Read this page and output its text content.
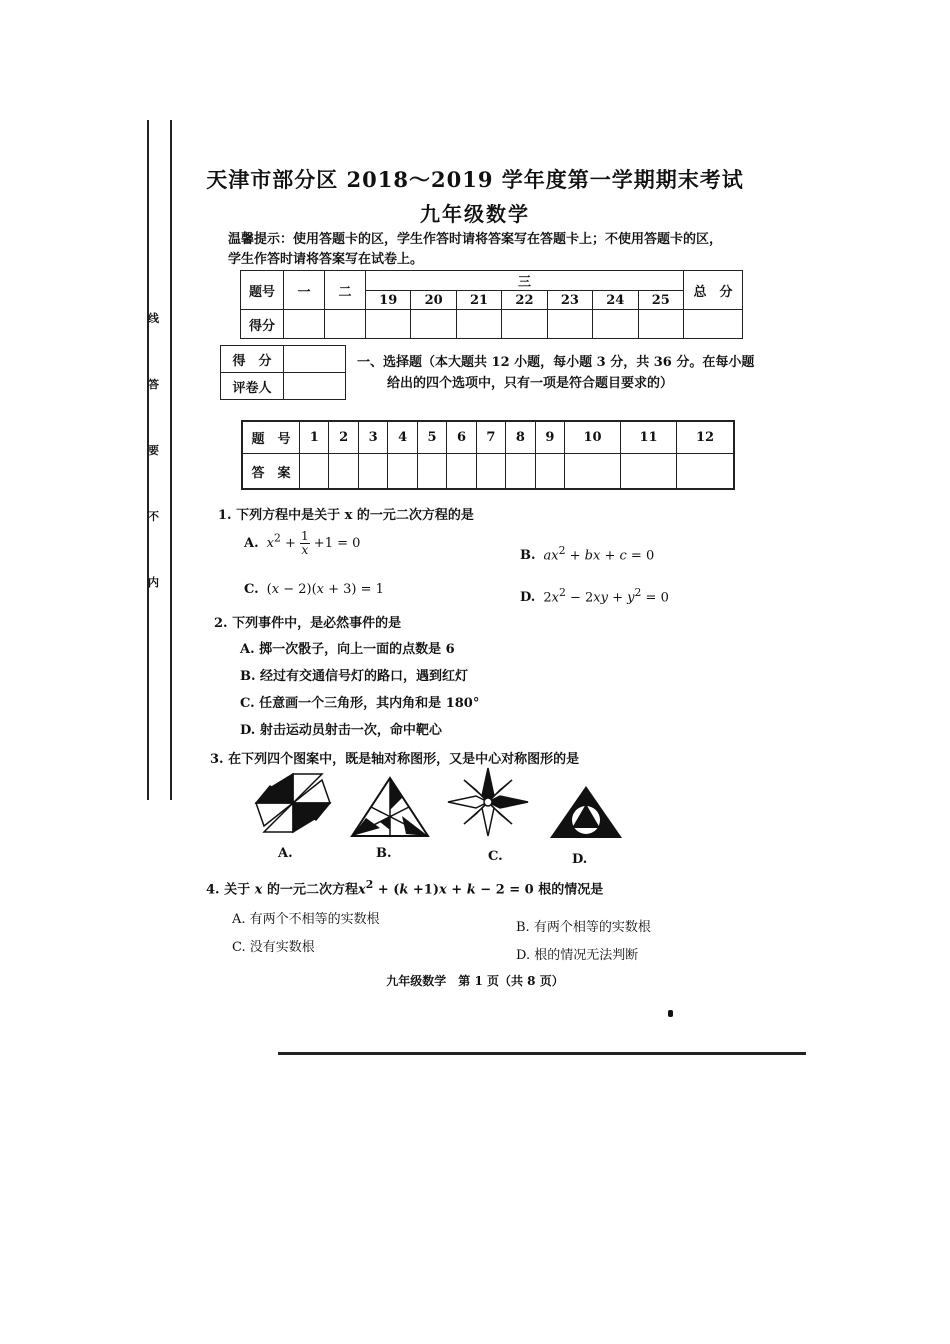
线
答
要
不
内
天津市部分区 2018～2019 学年度第一学期期末考试
九年级数学
温馨提示：使用答题卡的区，学生作答时请将答案写在答题卡上；不使用答题卡的区，
学生作答时请将答案写在试卷上。
题号	一	二	三							总　分
			19	20	21	22	23	24	25	
得分										
得　分	
评卷人	
一、选择题（本大题共 12 小题，每小题 3 分，共 36 分。在每小题
给出的四个选项中，只有一项是符合题目要求的）
题　号	1	2	3	4	5	6	7	8	9	10	11	12
答　案												
1. 下列方程中是关于 x 的一元二次方程的是
A. $x^2 + \frac{1}{x} +1 = 0$
B. $ax^2$ + bx + c = 0
C. (x − 2)(x + 3) = 1
D. $2x^2 - 2xy + y^2 = 0$
2. 下列事件中，是必然事件的是
A. 掷一次骰子，向上一面的点数是 6
B. 经过有交通信号灯的路口，遇到红灯
C. 任意画一个三角形，其内角和是 180°
D. 射击运动员射击一次，命中靶心
3. 在下列四个图案中，既是轴对称图形，又是中心对称图形的是
A.	B.	C.	D.
4. 关于 x 的一元二次方程$x^2 + (k +1)x + k - 2 = 0$ 根的情况是
A. 有两个不相等的实数根
B. 有两个相等的实数根
C. 没有实数根
D. 根的情况无法判断
九年级数学　第 1 页（共 8 页）
